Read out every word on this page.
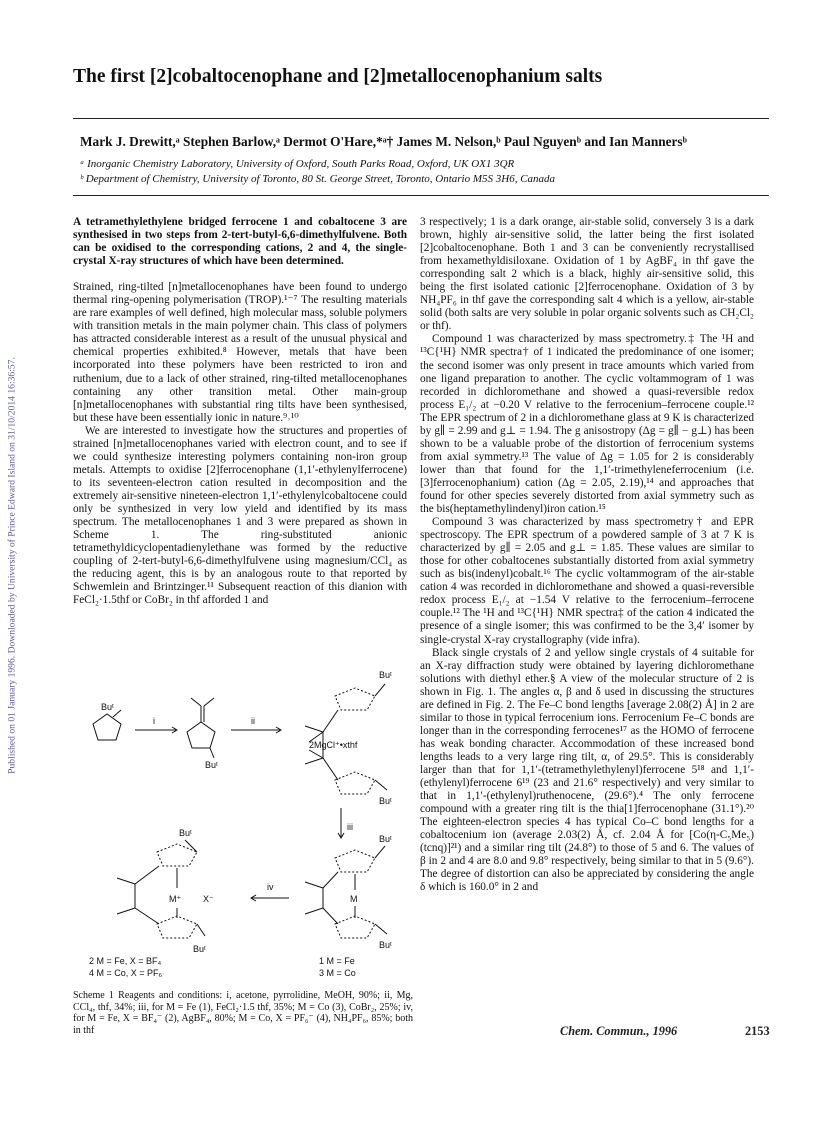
Published on 01 January 1996. Downloaded by University of Prince Edward Island on 31/10/2014 16:36:57.
The first [2]cobaltocenophane and [2]metallocenophanium salts
Mark J. Drewitt,ᵃ Stephen Barlow,ᵃ Dermot O'Hare,*ᵃ† James M. Nelson,ᵇ Paul Nguyenᵇ and Ian Mannersᵇ
ᵃ Inorganic Chemistry Laboratory, University of Oxford, South Parks Road, Oxford, UK OX1 3QR
ᵇ Department of Chemistry, University of Toronto, 80 St. George Street, Toronto, Ontario M5S 3H6, Canada

A tetramethylethylene bridged ferrocene 1 and cobaltocene 3 are synthesised in two steps from 2-tert-butyl-6,6-dimethylfulvene. Both can be oxidised to the corresponding cations, 2 and 4, the single-crystal X-ray structures of which have been determined.

Strained, ring-tilted [n]metallocenophanes have been found to undergo thermal ring-opening polymerisation (TROP).¹⁻⁷ The resulting materials are rare examples of well defined, high molecular mass, soluble polymers with transition metals in the main polymer chain. This class of polymers has attracted considerable interest as a result of the unusual physical and chemical properties exhibited.⁸ However, metals that have been incorporated into these polymers have been restricted to iron and ruthenium, due to a lack of other strained, ring-tilted metallocenophanes containing any other transition metal. Other main-group [n]metallocenophanes with substantial ring tilts have been synthesised, but these have been essentially ionic in nature.⁹˒¹⁰

We are interested to investigate how the structures and properties of strained [n]metallocenophanes varied with electron count, and to see if we could synthesize interesting polymers containing non-iron group metals. Attempts to oxidise [2]ferrocenophane (1,1′-ethylenylferrocene) to its seventeen-electron cation resulted in decomposition and the extremely air-sensitive nineteen-electron 1,1′-ethylenylcobaltocene could only be synthesized in very low yield and identified by its mass spectrum. The metallocenophanes 1 and 3 were prepared as shown in Scheme 1. The ring-substituted anionic tetramethyldicyclopentadienylethane was formed by the reductive coupling of 2-tert-butyl-6,6-dimethylfulvene using magnesium/CCl₄ as the reducing agent, this is by an analogous route to that reported by Schwemlein and Brintzinger.¹¹ Subsequent reaction of this dianion with FeCl₂·1.5thf or CoBr₂ in thf afforded 1 and

Buᵗ
i	ii
Buᵗ
Buᵗ
2MgCl⁺•xthf
Buᵗ
iii
Buᵗ
M
Buᵗ
iv
Buᵗ
M⁺ X⁻
Buᵗ
2 M = Fe, X = BF₄
4 M = Co, X = PF₆
1 M = Fe
3 M = Co
Scheme 1 Reagents and conditions: i, acetone, pyrrolidine, MeOH, 90%; ii, Mg, CCl₄, thf, 34%; iii, for M = Fe (1), FeCl₂·1.5 thf, 35%; M = Co (3), CoBr₂, 25%; iv, for M = Fe, X = BF₄⁻ (2), AgBF₄, 80%; M = Co, X = PF₆⁻ (4), NH₄PF₆, 85%; both in thf

3 respectively; 1 is a dark orange, air-stable solid, conversely 3 is a dark brown, highly air-sensitive solid, the latter being the first isolated [2]cobaltocenophane. Both 1 and 3 can be conveniently recrystallised from hexamethyldisiloxane. Oxidation of 1 by AgBF₄ in thf gave the corresponding salt 2 which is a black, highly air-sensitive solid, this being the first isolated cationic [2]ferrocenophane. Oxidation of 3 by NH₄PF₆ in thf gave the corresponding salt 4 which is a yellow, air-stable solid (both salts are very soluble in polar organic solvents such as CH₂Cl₂ or thf).

Compound 1 was characterized by mass spectrometry.‡ The ¹H and ¹³C{¹H} NMR spectra† of 1 indicated the predominance of one isomer; the second isomer was only present in trace amounts which varied from one ligand preparation to another. The cyclic voltammogram of 1 was recorded in dichloromethane and showed a quasi-reversible redox process E₁/₂ at −0.20 V relative to the ferrocenium–ferrocene couple.¹² The EPR spectrum of 2 in a dichloromethane glass at 9 K is characterized by g∥ = 2.99 and g⊥ = 1.94. The g anisostropy (Δg = g∥ − g⊥) has been shown to be a valuable probe of the distortion of ferrocenium systems from axial symmetry.¹³ The value of Δg = 1.05 for 2 is considerably lower than that found for the 1,1′-trimethyleneferrocenium (i.e. [3]ferrocenophanium) cation (Δg = 2.05, 2.19),¹⁴ and approaches that found for other species severely distorted from axial symmetry such as the bis(heptamethylindenyl)iron cation.¹⁵

Compound 3 was characterized by mass spectrometry† and EPR spectroscopy. The EPR spectrum of a powdered sample of 3 at 7 K is characterized by g∥ = 2.05 and g⊥ = 1.85. These values are similar to those for other cobaltocenes substantially distorted from axial symmetry such as bis(indenyl)cobalt.¹⁶ The cyclic voltammogram of the air-stable cation 4 was recorded in dichloromethane and showed a quasi-reversible redox process E₁/₂ at −1.54 V relative to the ferrocenium–ferrocene couple.¹² The ¹H and ¹³C{¹H} NMR spectra‡ of the cation 4 indicated the presence of a single isomer; this was confirmed to be the 3,4′ isomer by single-crystal X-ray crystallography (vide infra).

Black single crystals of 2 and yellow single crystals of 4 suitable for an X-ray diffraction study were obtained by layering dichloromethane solutions with diethyl ether.§ A view of the molecular structure of 2 is shown in Fig. 1. The angles α, β and δ used in discussing the structures are defined in Fig. 2. The Fe–C bond lengths [average 2.08(2) Å] in 2 are similar to those in typical ferrocenium ions. Ferrocenium Fe–C bonds are longer than in the corresponding ferrocenes¹⁷ as the HOMO of ferrocene has weak bonding character. Accommodation of these increased bond lengths leads to a very large ring tilt, α, of 29.5°. This is considerably larger than that for 1,1′-(tetramethylethylenyl)ferrocene 5¹⁸ and 1,1′-(ethylenyl)ferrocene 6¹⁹ (23 and 21.6° respectively) and very similar to that in 1,1′-(ethylenyl)ruthenocene, (29.6°).⁴ The only ferrocene compound with a greater ring tilt is the thia[1]ferrocenophane (31.1°).²⁰ The eighteen-electron species 4 has typical Co–C bond lengths for a cobaltocenium ion (average 2.03(2) Å, cf. 2.04 Å for [Co(η-C₅Me₅)(tcnq)]²¹) and a similar ring tilt (24.8°) to those of 5 and 6. The values of β in 2 and 4 are 8.0 and 9.8° respectively, being similar to that in 5 (9.6°). The degree of distortion can also be appreciated by considering the angle δ which is 160.0° in 2 and

Chem. Commun., 1996	2153
